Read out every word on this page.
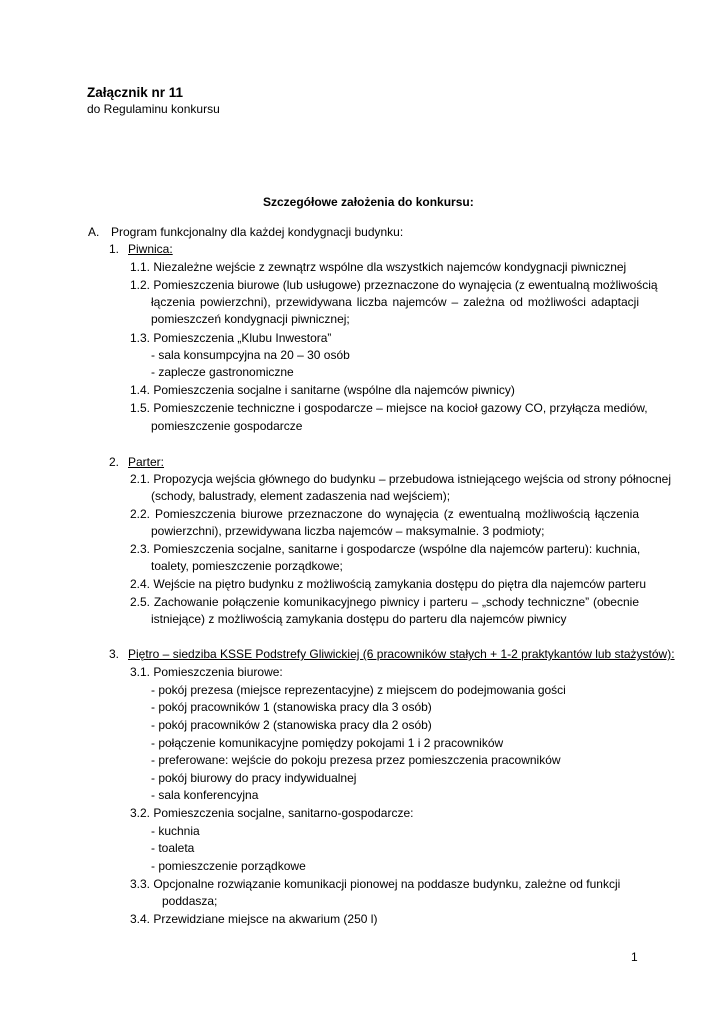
Załącznik nr 11
do Regulaminu konkursu
Szczegółowe założenia do konkursu:
A. Program funkcjonalny dla każdej kondygnacji budynku:
1. Piwnica:
1.1. Niezależne wejście z zewnątrz wspólne dla wszystkich najemców kondygnacji piwnicznej
1.2. Pomieszczenia biurowe (lub usługowe) przeznaczone do wynajęcia (z ewentualną możliwością
łączenia powierzchni), przewidywana liczba najemców – zależna od możliwości adaptacji
pomieszczeń kondygnacji piwnicznej;
1.3. Pomieszczenia „Klubu Inwestora”
- sala konsumpcyjna na 20 – 30 osób
- zaplecze gastronomiczne
1.4. Pomieszczenia socjalne i sanitarne (wspólne dla najemców piwnicy)
1.5. Pomieszczenie techniczne i gospodarcze – miejsce na kocioł gazowy CO, przyłącza mediów,
pomieszczenie gospodarcze
2. Parter:
2.1. Propozycja wejścia głównego do budynku – przebudowa istniejącego wejścia od strony północnej
(schody, balustrady, element zadaszenia nad wejściem);
2.2. Pomieszczenia biurowe przeznaczone do wynajęcia (z ewentualną możliwością łączenia
powierzchni), przewidywana liczba najemców – maksymalnie. 3 podmioty;
2.3. Pomieszczenia socjalne, sanitarne i gospodarcze (wspólne dla najemców parteru): kuchnia,
toalety, pomieszczenie porządkowe;
2.4. Wejście na piętro budynku z możliwością zamykania dostępu do piętra dla najemców parteru
2.5. Zachowanie połączenie komunikacyjnego piwnicy i parteru – „schody techniczne” (obecnie
istniejące) z możliwością zamykania dostępu do parteru dla najemców piwnicy
3. Piętro – siedziba KSSE Podstrefy Gliwickiej (6 pracowników stałych + 1-2 praktykantów lub stażystów):
3.1. Pomieszczenia biurowe:
- pokój prezesa (miejsce reprezentacyjne) z miejscem do podejmowania gości
- pokój pracowników 1 (stanowiska pracy dla 3 osób)
- pokój pracowników 2 (stanowiska pracy dla 2 osób)
- połączenie komunikacyjne pomiędzy pokojami 1 i 2 pracowników
- preferowane: wejście do pokoju prezesa przez pomieszczenia pracowników
- pokój biurowy do pracy indywidualnej
- sala konferencyjna
3.2. Pomieszczenia socjalne, sanitarno-gospodarcze:
- kuchnia
- toaleta
- pomieszczenie porządkowe
3.3. Opcjonalne rozwiązanie komunikacji pionowej na poddasze budynku, zależne od funkcji
poddasza;
3.4. Przewidziane miejsce na akwarium (250 l)
1
